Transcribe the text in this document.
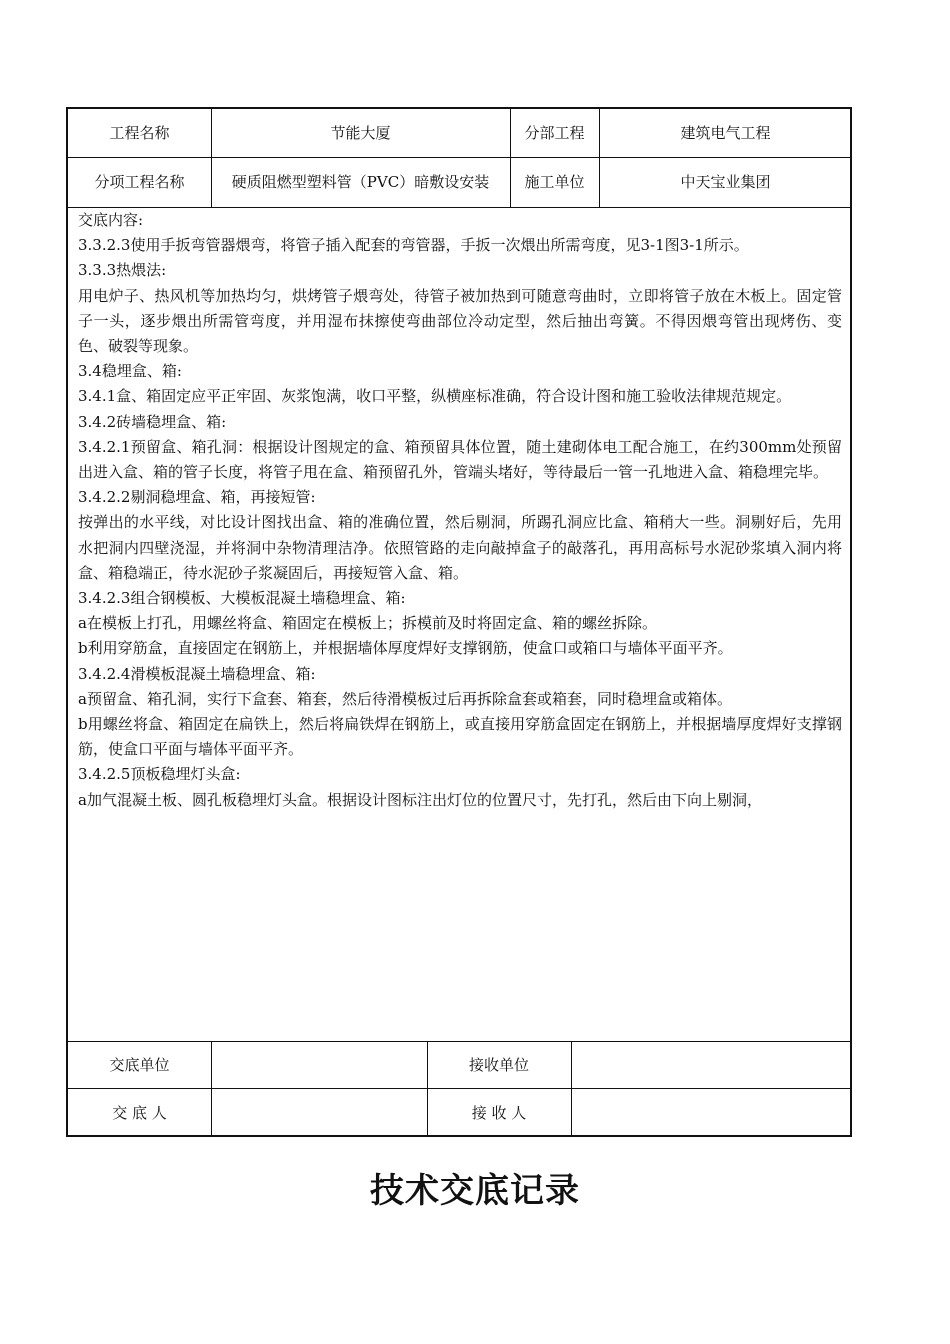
工程名称	节能大厦	分部工程	建筑电气工程
分项工程名称	硬质阻燃型塑料管（PVC）暗敷设安装	施工单位	中天宝业集团

交底内容:

3.3.2.3使用手扳弯管器煨弯，将管子插入配套的弯管器，手扳一次煨出所需弯度，见3-1图3-1所示。

3.3.3热煨法:

用电炉子、热风机等加热均匀，烘烤管子煨弯处，待管子被加热到可随意弯曲时，立即将管子放在木板上。固定管子一头，逐步煨出所需管弯度，并用湿布抹擦使弯曲部位冷动定型，然后抽出弯簧。不得因煨弯管出现烤伤、变色、破裂等现象。

3.4稳埋盒、箱:

3.4.1盒、箱固定应平正牢固、灰浆饱满，收口平整，纵横座标准确，符合设计图和施工验收法律规范规定。

3.4.2砖墙稳埋盒、箱:

3.4.2.1预留盒、箱孔洞：根据设计图规定的盒、箱预留具体位置，随土建砌体电工配合施工，在约300mm处预留出进入盒、箱的管子长度，将管子甩在盒、箱预留孔外，管端头堵好，等待最后一管一孔地进入盒、箱稳埋完毕。

3.4.2.2剔洞稳埋盒、箱，再接短管:

按弹出的水平线，对比设计图找出盒、箱的准确位置，然后剔洞，所踢孔洞应比盒、箱稍大一些。洞剔好后，先用水把洞内四壁浇湿，并将洞中杂物清理洁净。依照管路的走向敲掉盒子的敲落孔，再用高标号水泥砂浆填入洞内将盒、箱稳端正，待水泥砂子浆凝固后，再接短管入盒、箱。

3.4.2.3组合钢模板、大模板混凝土墙稳埋盒、箱:

a在模板上打孔，用螺丝将盒、箱固定在模板上；拆模前及时将固定盒、箱的螺丝拆除。

b利用穿筋盒，直接固定在钢筋上，并根据墙体厚度焊好支撑钢筋，使盒口或箱口与墙体平面平齐。

3.4.2.4滑模板混凝土墙稳埋盒、箱:

a预留盒、箱孔洞，实行下盒套、箱套，然后待滑模板过后再拆除盒套或箱套，同时稳埋盒或箱体。

b用螺丝将盒、箱固定在扁铁上，然后将扁铁焊在钢筋上，或直接用穿筋盒固定在钢筋上，并根据墙厚度焊好支撑钢筋，使盒口平面与墙体平面平齐。

3.4.2.5顶板稳埋灯头盒:

a加气混凝土板、圆孔板稳埋灯头盒。根据设计图标注出灯位的位置尺寸，先打孔，然后由下向上剔洞，

交底单位	接收单位
交 底 人	接 收 人
技术交底记录
